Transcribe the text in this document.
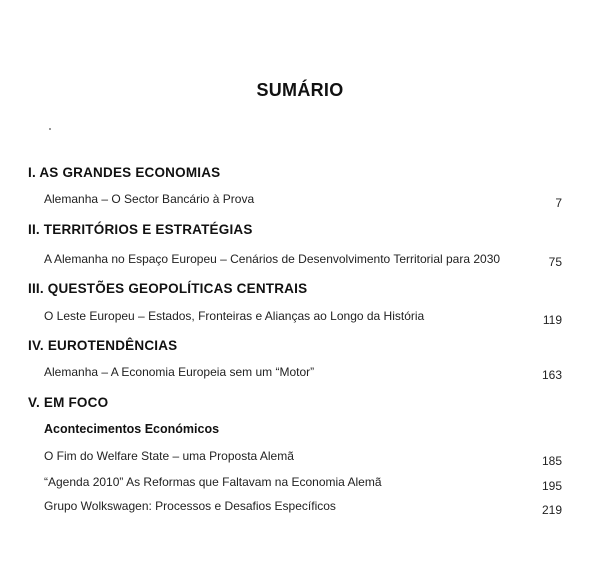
SUMÁRIO
I. AS GRANDES ECONOMIAS
Alemanha – O Sector Bancário à Prova	7
II. TERRITÓRIOS E ESTRATÉGIAS
A Alemanha no Espaço Europeu – Cenários de Desenvolvimento Territorial para 2030	75
III. QUESTÕES GEOPOLÍTICAS CENTRAIS
O Leste Europeu – Estados, Fronteiras e Alianças ao Longo da História	119
IV. EUROTENDÊNCIAS
Alemanha – A Economia Europeia sem um “Motor”	163
V. EM FOCO
Acontecimentos Económicos
O Fim do Welfare State – uma Proposta Alemã	185
“Agenda 2010” As Reformas que Faltavam na Economia Alemã	195
Grupo Wolkswagen: Processos e Desafios Específicos	219
